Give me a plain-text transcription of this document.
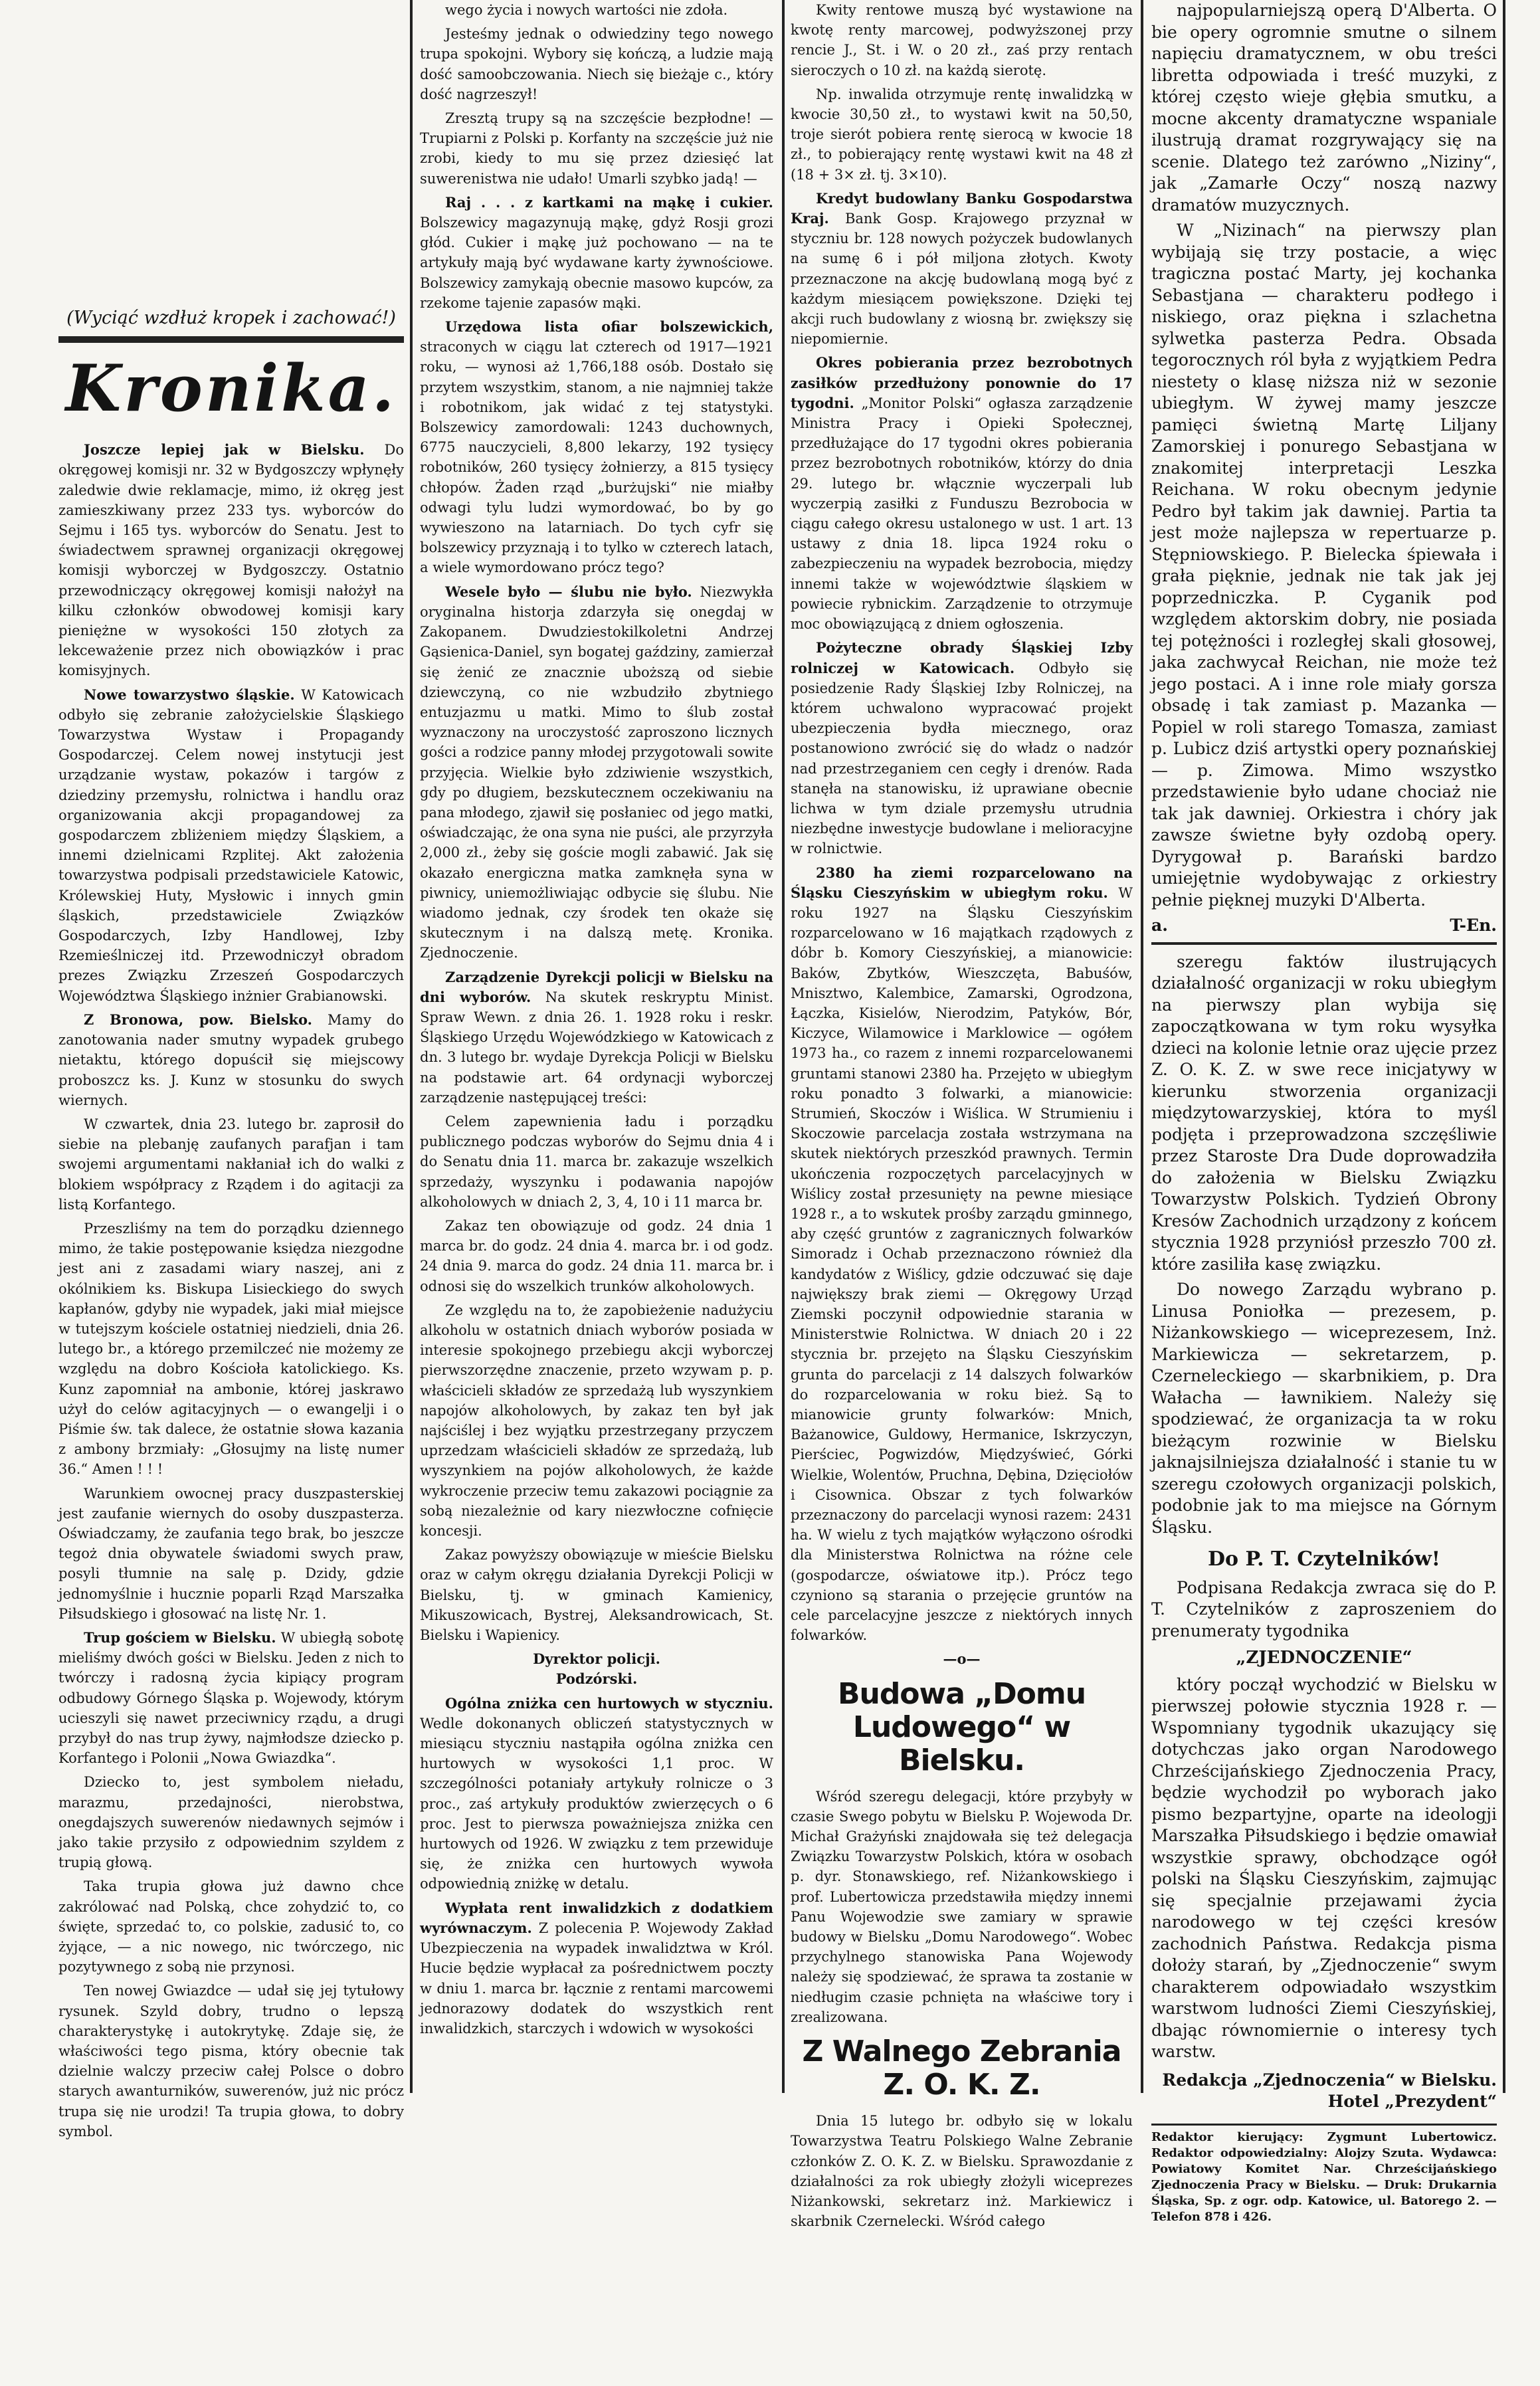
(Wyciąć wzdłuż kropek i zachować!)
Kronika.

Joszcze lepiej jak w Bielsku. Do okręgowej komisji nr. 32 w Bydgoszczy wpłynęły zaledwie dwie reklamacje, mimo, iż okręg jest zamieszkiwany przez 233 tys. wyborców do Sejmu i 165 tys. wyborców do Senatu. Jest to świadectwem sprawnej organizacji okręgowej komisji wyborczej w Bydgoszczy. Ostatnio przewodniczący okręgowej komisji nałożył na kilku członków obwodowej komisji kary pieniężne w wysokości 150 złotych za lekceważenie przez nich obowiązków i prac komisyjnych.

Nowe towarzystwo śląskie. W Katowicach odbyło się zebranie założycielskie Śląskiego Towarzystwa Wystaw i Propagandy Gospodarczej. Celem nowej instytucji jest urządzanie wystaw, pokazów i targów z dziedziny przemysłu, rolnictwa i handlu oraz organizowania akcji propagandowej za gospodarczem zbliżeniem między Śląskiem, a innemi dzielnicami Rzplitej. Akt założenia towarzystwa podpisali przedstawiciele Katowic, Królewskiej Huty, Mysłowic i innych gmin śląskich, przedstawiciele Związków Gospodarczych, Izby Handlowej, Izby Rzemieślniczej itd. Przewodniczył obradom prezes Związku Zrzeszeń Gospodarczych Województwa Śląskiego inżnier Grabianowski.

Z Bronowa, pow. Bielsko. Mamy do zanotowania nader smutny wypadek grubego nietaktu, którego dopuścił się miejscowy proboszcz ks. J. Kunz w stosunku do swych wiernych.

W czwartek, dnia 23. lutego br. zaprosił do siebie na plebanję zaufanych parafjan i tam swojemi argumentami nakłaniał ich do walki z blokiem współpracy z Rządem i do agitacji za listą Korfantego.

Przeszliśmy na tem do porządku dziennego mimo, że takie postępowanie księdza niezgodne jest ani z zasadami wiary naszej, ani z okólnikiem ks. Biskupa Lisieckiego do swych kapłanów, gdyby nie wypadek, jaki miał miejsce w tutejszym kościele ostatniej niedzieli, dnia 26. lutego br., a którego przemilczeć nie możemy ze względu na dobro Kościoła katolickiego. Ks. Kunz zapomniał na ambonie, której jaskrawo użył do celów agitacyjnych — o ewangelji i o Piśmie św. tak dalece, że ostatnie słowa kazania z ambony brzmiały: „Głosujmy na listę numer 36.“ Amen ! ! !

Warunkiem owocnej pracy duszpasterskiej jest zaufanie wiernych do osoby duszpasterza. Oświadczamy, że zaufania tego brak, bo jeszcze tegoż dnia obywatele świadomi swych praw, posyli tłumnie na salę p. Dzidy, gdzie jednomyślnie i hucznie poparli Rząd Marszałka Piłsudskiego i głosować na listę Nr. 1.

Trup gościem w Bielsku. W ubiegłą sobotę mieliśmy dwóch gości w Bielsku. Jeden z nich to twórczy i radosną życia kipiący program odbudowy Górnego Śląska p. Wojewody, którym ucieszyli się nawet przeciwnicy rządu, a drugi przybył do nas trup żywy, najmłodsze dziecko p. Korfantego i Polonii „Nowa Gwiazdka“.

Dziecko to, jest symbolem nieładu, marazmu, przedajności, nierobstwa, onegdajszych suwerenów niedawnych sejmów i jako takie przysiło z odpowiednim szyldem z trupią głową.

Taka trupia głowa już dawno chce zakrólować nad Polską, chce zohydzić to, co święte, sprzedać to, co polskie, zadusić to, co żyjące, — a nic nowego, nic twórczego, nic pozytywnego z sobą nie przynosi.

Ten nowej Gwiazdce — udał się jej tytułowy rysunek. Szyld dobry, trudno o lepszą charakterystykę i autokrytykę. Zdaje się, że właściwości tego pisma, który obecnie tak dzielnie walczy przeciw całej Polsce o dobro starych awanturników, suwerenów, już nic prócz trupa się nie urodzi! Ta trupia głowa, to dobry symbol.

wego życia i nowych wartości nie zdoła.

Jesteśmy jednak o odwiedziny tego nowego trupa spokojni. Wybory się kończą, a ludzie mają dość samoobczowania. Niech się bieżąje c., który dość nagrzeszył!

Zresztą trupy są na szczęście bezpłodne! — Trupiarni z Polski p. Korfanty na szczęście już nie zrobi, kiedy to mu się przez dziesięć lat suwerenistwa nie udało! Umarli szybko jadą! —

Raj . . . z kartkami na mąkę i cukier. Bolszewicy magazynują mąkę, gdyż Rosji grozi głód. Cukier i mąkę już pochowano — na te artykuły mają być wydawane karty żywnościowe. Bolszewicy zamykają obecnie masowo kupców, za rzekome tajenie zapasów mąki.

Urzędowa lista ofiar bolszewickich, straconych w ciągu lat czterech od 1917—1921 roku, — wynosi aż 1,766,188 osób. Dostało się przytem wszystkim, stanom, a nie najmniej także i robotnikom, jak widać z tej statystyki. Bolszewicy zamordowali: 1243 duchownych, 6775 nauczycieli, 8,800 lekarzy, 192 tysięcy robotników, 260 tysięcy żołnierzy, a 815 tysięcy chłopów. Żaden rząd „burżujski“ nie miałby odwagi tylu ludzi wymordować, bo by go wywieszono na latarniach. Do tych cyfr się bolszewicy przyznają i to tylko w czterech latach, a wiele wymordowano prócz tego?

Wesele było — ślubu nie było. Niezwykła oryginalna historja zdarzyła się onegdaj w Zakopanem. Dwudziestokilkoletni Andrzej Gąsienica-Daniel, syn bogatej gaździny, zamierzał się żenić ze znacznie uboższą od siebie dziewczyną, co nie wzbudziło zbytniego entuzjazmu u matki. Mimo to ślub został wyznaczony na uroczystość zaproszono licznych gości a rodzice panny młodej przygotowali sowite przyjęcia. Wielkie było zdziwienie wszystkich, gdy po długiem, bezskutecznem oczekiwaniu na pana młodego, zjawił się posłaniec od jego matki, oświadczając, że ona syna nie puści, ale przyrzyła 2,000 zł., żeby się goście mogli zabawić. Jak się okazało energiczna matka zamknęła syna w piwnicy, uniemożliwiając odbycie się ślubu. Nie wiadomo jednak, czy środek ten okaże się skutecznym i na dalszą metę. Kronika. Zjednoczenie.

Zarządzenie Dyrekcji policji w Bielsku na dni wyborów. Na skutek reskryptu Minist. Spraw Wewn. z dnia 26. 1. 1928 roku i reskr. Śląskiego Urzędu Wojewódzkiego w Katowicach z dn. 3 lutego br. wydaje Dyrekcja Policji w Bielsku na podstawie art. 64 ordynacji wyborczej zarządzenie następującej treści:

Celem zapewnienia ładu i porządku publicznego podczas wyborów do Sejmu dnia 4 i do Senatu dnia 11. marca br. zakazuje wszelkich sprzedaży, wyszynku i podawania napojów alkoholowych w dniach 2, 3, 4, 10 i 11 marca br.

Zakaz ten obowiązuje od godz. 24 dnia 1 marca br. do godz. 24 dnia 4. marca br. i od godz. 24 dnia 9. marca do godz. 24 dnia 11. marca br. i odnosi się do wszelkich trunków alkoholowych.

Ze względu na to, że zapobieżenie nadużyciu alkoholu w ostatnich dniach wyborów posiada w interesie spokojnego przebiegu akcji wyborczej pierwszorzędne znaczenie, przeto wzywam p. p. właścicieli składów ze sprzedażą lub wyszynkiem napojów alkoholowych, by zakaz ten był jak najściślej i bez wyjątku przestrzegany przyczem uprzedzam właścicieli składów ze sprzedażą, lub wyszynkiem na pojów alkoholowych, że każde wykroczenie przeciw temu zakazowi pociągnie za sobą niezależnie od kary niezwłoczne cofnięcie koncesji.

Zakaz powyższy obowiązuje w mieście Bielsku oraz w całym okręgu działania Dyrekcji Policji w Bielsku, tj. w gminach Kamienicy, Mikuszowicach, Bystrej, Aleksandrowicach, St. Bielsku i Wapienicy.

Dyrektor policji.
Podzórski.

Ogólna zniżka cen hurtowych w styczniu. Wedle dokonanych obliczeń statystycznych w miesiącu styczniu nastąpiła ogólna zniżka cen hurtowych w wysokości 1,1 proc. W szczególności potaniały artykuły rolnicze o 3 proc., zaś artykuły produktów zwierzęcych o 6 proc. Jest to pierwsza poważniejsza zniżka cen hurtowych od 1926. W związku z tem przewiduje się, że zniżka cen hurtowych wywoła odpowiednią zniżkę w detalu.

Wypłata rent inwalidzkich z dodatkiem wyrównaczym. Z polecenia P. Wojewody Zakład Ubezpieczenia na wypadek inwalidztwa w Król. Hucie będzie wypłacał za pośrednictwem poczty w dniu 1. marca br. łącznie z rentami marcowemi jednorazowy dodatek do wszystkich rent inwalidzkich, starczych i wdowich w wysokości

Kwity rentowe muszą być wystawione na kwotę renty marcowej, podwyższonej przy rencie J., St. i W. o 20 zł., zaś przy rentach sieroczych o 10 zł. na każdą sierotę.

Np. inwalida otrzymuje rentę inwalidzką w kwocie 30,50 zł., to wystawi kwit na 50,50, troje sierót pobiera rentę sierocą w kwocie 18 zł., to pobierający rentę wystawi kwit na 48 zł (18 + 3× zł. tj. 3×10).

Kredyt budowlany Banku Gospodarstwa Kraj. Bank Gosp. Krajowego przyznał w styczniu br. 128 nowych pożyczek budowlanych na sumę 6 i pół miljona złotych. Kwoty przeznaczone na akcję budowlaną mogą być z każdym miesiącem powiększone. Dzięki tej akcji ruch budowlany z wiosną br. zwiększy się niepomiernie.

Okres pobierania przez bezrobotnych zasiłków przedłużony ponownie do 17 tygodni. „Monitor Polski“ ogłasza zarządzenie Ministra Pracy i Opieki Społecznej, przedłużające do 17 tygodni okres pobierania przez bezrobotnych robotników, którzy do dnia 29. lutego br. włącznie wyczerpali lub wyczerpią zasiłki z Funduszu Bezrobocia w ciągu całego okresu ustalonego w ust. 1 art. 13 ustawy z dnia 18. lipca 1924 roku o zabezpieczeniu na wypadek bezrobocia, między innemi także w województwie śląskiem w powiecie rybnickim. Zarządzenie to otrzymuje moc obowiązującą z dniem ogłoszenia.

Pożyteczne obrady Śląskiej Izby rolniczej w Katowicach. Odbyło się posiedzenie Rady Śląskiej Izby Rolniczej, na którem uchwalono wypracować projekt ubezpieczenia bydła miecznego, oraz postanowiono zwrócić się do władz o nadzór nad przestrzeganiem cen cegły i drenów. Rada stanęła na stanowisku, iż uprawiane obecnie lichwa w tym dziale przemysłu utrudnia niezbędne inwestycje budowlane i melioracyjne w rolnictwie.

2380 ha ziemi rozparcelowano na Śląsku Cieszyńskim w ubiegłym roku. W roku 1927 na Śląsku Cieszyńskim rozparcelowano w 16 majątkach rządowych z dóbr b. Komory Cieszyńskiej, a mianowicie: Baków, Zbytków, Wieszczęta, Babuśów, Mnisztwo, Kalembice, Zamarski, Ogrodzona, Łączka, Kisielów, Nierodzim, Patyków, Bór, Kiczyce, Wilamowice i Marklowice — ogółem 1973 ha., co razem z innemi rozparcelowanemi gruntami stanowi 2380 ha. Przejęto w ubiegłym roku ponadto 3 folwarki, a mianowicie: Strumień, Skoczów i Wiślica. W Strumieniu i Skoczowie parcelacja została wstrzymana na skutek niektórych przeszkód prawnych. Termin ukończenia rozpoczętych parcelacyjnych w Wiślicy został przesunięty na pewne miesiące 1928 r., a to wskutek prośby zarządu gminnego, aby część gruntów z zagranicznych folwarków Simoradz i Ochab przeznaczono również dla kandydatów z Wiślicy, gdzie odczuwać się daje największy brak ziemi — Okręgowy Urząd Ziemski poczynił odpowiednie starania w Ministerstwie Rolnictwa. W dniach 20 i 22 stycznia br. przejęto na Śląsku Cieszyńskim grunta do parcelacji z 14 dalszych folwarków do rozparcelowania w roku bież. Są to mianowicie grunty folwarków: Mnich, Bażanowice, Guldowy, Hermanice, Iskrzyczyn, Pierściec, Pogwizdów, Międzyświeć, Górki Wielkie, Wolentów, Pruchna, Dębina, Dzięciołów i Cisownica. Obszar z tych folwarków przeznaczony do parcelacji wynosi razem: 2431 ha. W wielu z tych majątków wyłączono ośrodki dla Ministerstwa Rolnictwa na różne cele (gospodarcze, oświatowe itp.). Prócz tego czyniono są starania o przejęcie gruntów na cele parcelacyjne jeszcze z niektórych innych folwarków.

—o—
Budowa „Domu Ludowego“ w Bielsku.

Wśród szeregu delegacji, które przybyły w czasie Swego pobytu w Bielsku P. Wojewoda Dr. Michał Grażyński znajdowała się też delegacja Związku Towarzystw Polskich, która w osobach p. dyr. Stonawskiego, ref. Niżankowskiego i prof. Lubertowicza przedstawiła między innemi Panu Wojewodzie swe zamiary w sprawie budowy w Bielsku „Domu Narodowego“. Wobec przychylnego stanowiska Pana Wojewody należy się spodziewać, że sprawa ta zostanie w niedługim czasie pchnięta na właściwe tory i zrealizowana.

Z Walnego Zebrania Z. O. K. Z.

Dnia 15 lutego br. odbyło się w lokalu Towarzystwa Teatru Polskiego Walne Zebranie członków Z. O. K. Z. w Bielsku. Sprawozdanie z działalności za rok ubiegły złożyli wiceprezes Niżankowski, sekretarz inż. Markiewicz i skarbnik Czernelecki. Wśród całego

najpopularniejszą operą D'Alberta. O bie opery ogromnie smutne o silnem napięciu dramatycznem, w obu treści libretta odpowiada i treść muzyki, z której często wieje głębia smutku, a mocne akcenty dramatyczne wspaniale ilustrują dramat rozgrywający się na scenie. Dlatego też zarówno „Niziny“, jak „Zamarłe Oczy“ noszą nazwy dramatów muzycznych.

W „Nizinach“ na pierwszy plan wybijają się trzy postacie, a więc tragiczna postać Marty, jej kochanka Sebastjana — charakteru podłego i niskiego, oraz piękna i szlachetna sylwetka pasterza Pedra. Obsada tegorocznych ról była z wyjątkiem Pedra niestety o klasę niższa niż w sezonie ubiegłym. W żywej mamy jeszcze pamięci świetną Martę Liljany Zamorskiej i ponurego Sebastjana w znakomitej interpretacji Leszka Reichana. W roku obecnym jedynie Pedro był takim jak dawniej. Partia ta jest może najlepsza w repertuarze p. Stępniowskiego. P. Bielecka śpiewała i grała pięknie, jednak nie tak jak jej poprzedniczka. P. Cyganik pod względem aktorskim dobry, nie posiada tej potężności i rozległej skali głosowej, jaka zachwycał Reichan, nie może też jego postaci. A i inne role miały gorsza obsadę i tak zamiast p. Mazanka — Popiel w roli starego Tomasza, zamiast p. Lubicz dziś artystki opery poznańskiej — p. Zimowa. Mimo wszystko przedstawienie było udane chociaż nie tak jak dawniej. Orkiestra i chóry jak zawsze świetne były ozdobą opery. Dyrygował p. Barański bardzo umiejętnie wydobywając z orkiestry pełnie pięknej muzyki D'Alberta.

a.	T-En.

szeregu faktów ilustrujących działalność organizacji w roku ubiegłym na pierwszy plan wybija się zapoczątkowana w tym roku wysyłka dzieci na kolonie letnie oraz ujęcie przez Z. O. K. Z. w swe rece inicjatywy w kierunku stworzenia organizacji międzytowarzyskiej, która to myśl podjęta i przeprowadzona szczęśliwie przez Staroste Dra Dude doprowadziła do założenia w Bielsku Związku Towarzystw Polskich. Tydzień Obrony Kresów Zachodnich urządzony z końcem stycznia 1928 przyniósł przeszło 700 zł. które zasiliła kasę związku.

Do nowego Zarządu wybrano p. Linusa Poniołka — prezesem, p. Niżankowskiego — wiceprezesem, Inż. Markiewicza — sekretarzem, p. Czerneleckiego — skarbnikiem, p. Dra Wałacha — ławnikiem. Należy się spodziewać, że organizacja ta w roku bieżącym rozwinie w Bielsku jaknajsilniejsza działalność i stanie tu w szeregu czołowych organizacji polskich, podobnie jak to ma miejsce na Górnym Śląsku.

Do P. T. Czytelników!

Podpisana Redakcja zwraca się do P. T. Czytelników z zaproszeniem do prenumeraty tygodnika

„ZJEDNOCZENIE“

który począł wychodzić w Bielsku w pierwszej połowie stycznia 1928 r. — Wspomniany tygodnik ukazujący się dotychczas jako organ Narodowego Chrześcijańskiego Zjednoczenia Pracy, będzie wychodził po wyborach jako pismo bezpartyjne, oparte na ideologji Marszałka Piłsudskiego i będzie omawiał wszystkie sprawy, obchodzące ogół polski na Śląsku Cieszyńskim, zajmując się specjalnie przejawami życia narodowego w tej części kresów zachodnich Państwa. Redakcja pisma dołoży starań, by „Zjednoczenie“ swym charakterem odpowiadało wszystkim warstwom ludności Ziemi Cieszyńskiej, dbając równomiernie o interesy tych warstw.

Redakcja „Zjednoczenia“ w Bielsku. Hotel „Prezydent“
Redaktor kierujący: Zygmunt Lubertowicz. Redaktor odpowiedzialny: Alojzy Szuta. Wydawca: Powiatowy Komitet Nar. Chrześcijańskiego Zjednoczenia Pracy w Bielsku. — Druk: Drukarnia Śląska, Sp. z ogr. odp. Katowice, ul. Batorego 2. — Telefon 878 i 426.
